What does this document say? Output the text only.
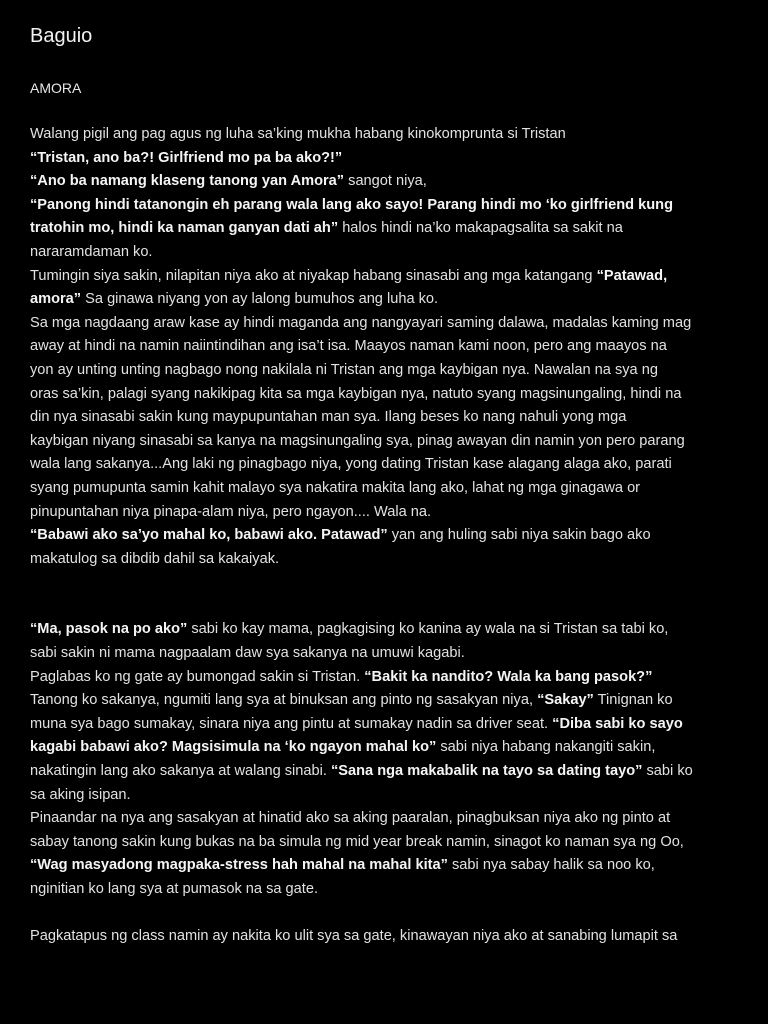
Baguio
AMORA
Walang pigil ang pag agus ng luha sa’king mukha habang kinokomprunta si Tristan
“Tristan, ano ba?! Girlfriend mo pa ba ako?!”
“Ano ba namang klaseng tanong yan Amora” sangot niya,
“Panong hindi tatanongin eh parang wala lang ako sayo! Parang hindi mo ‘ko girlfriend kung
tratohin mo, hindi ka naman ganyan dati ah” halos hindi na’ko makapagsalita sa sakit na
nararamdaman ko.
Tumingin siya sakin, nilapitan niya ako at niyakap habang sinasabi ang mga katangang “Patawad,
amora” Sa ginawa niyang yon ay lalong bumuhos ang luha ko.
Sa mga nagdaang araw kase ay hindi maganda ang nangyayari saming dalawa, madalas kaming mag
away at hindi na namin naiintindihan ang isa’t isa. Maayos naman kami noon, pero ang maayos na
yon ay unting unting nagbago nong nakilala ni Tristan ang mga kaybigan nya. Nawalan na sya ng
oras sa’kin, palagi syang nakikipag kita sa mga kaybigan nya, natuto syang magsinungaling, hindi na
din nya sinasabi sakin kung maypupuntahan man sya. Ilang beses ko nang nahuli yong mga
kaybigan niyang sinasabi sa kanya na magsinungaling sya, pinag awayan din namin yon pero parang
wala lang sakanya...Ang laki ng pinagbago niya, yong dating Tristan kase alagang alaga ako, parati
syang pumupunta samin kahit malayo sya nakatira makita lang ako, lahat ng mga ginagawa or
pinupuntahan niya pinapa-alam niya, pero ngayon.... Wala na.
“Babawi ako sa’yo mahal ko, babawi ako. Patawad” yan ang huling sabi niya sakin bago ako
makatulog sa dibdib dahil sa kakaiyak.
“Ma, pasok na po ako” sabi ko kay mama, pagkagising ko kanina ay wala na si Tristan sa tabi ko,
sabi sakin ni mama nagpaalam daw sya sakanya na umuwi kagabi.
Paglabas ko ng gate ay bumongad sakin si Tristan. “Bakit ka nandito? Wala ka bang pasok?”
Tanong ko sakanya, ngumiti lang sya at binuksan ang pinto ng sasakyan niya, “Sakay” Tinignan ko
muna sya bago sumakay, sinara niya ang pintu at sumakay nadin sa driver seat. “Diba sabi ko sayo
kagabi babawi ako? Magsisimula na ‘ko ngayon mahal ko” sabi niya habang nakangiti sakin,
nakatingin lang ako sakanya at walang sinabi. “Sana nga makabalik na tayo sa dating tayo” sabi ko
sa aking isipan.
Pinaandar na nya ang sasakyan at hinatid ako sa aking paaralan, pinagbuksan niya ako ng pinto at
sabay tanong sakin kung bukas na ba simula ng mid year break namin, sinagot ko naman sya ng Oo,
“Wag masyadong magpaka-stress hah mahal na mahal kita” sabi nya sabay halik sa noo ko,
nginitian ko lang sya at pumasok na sa gate.
Pagkatapus ng class namin ay nakita ko ulit sya sa gate, kinawayan niya ako at sanabing lumapit sa
